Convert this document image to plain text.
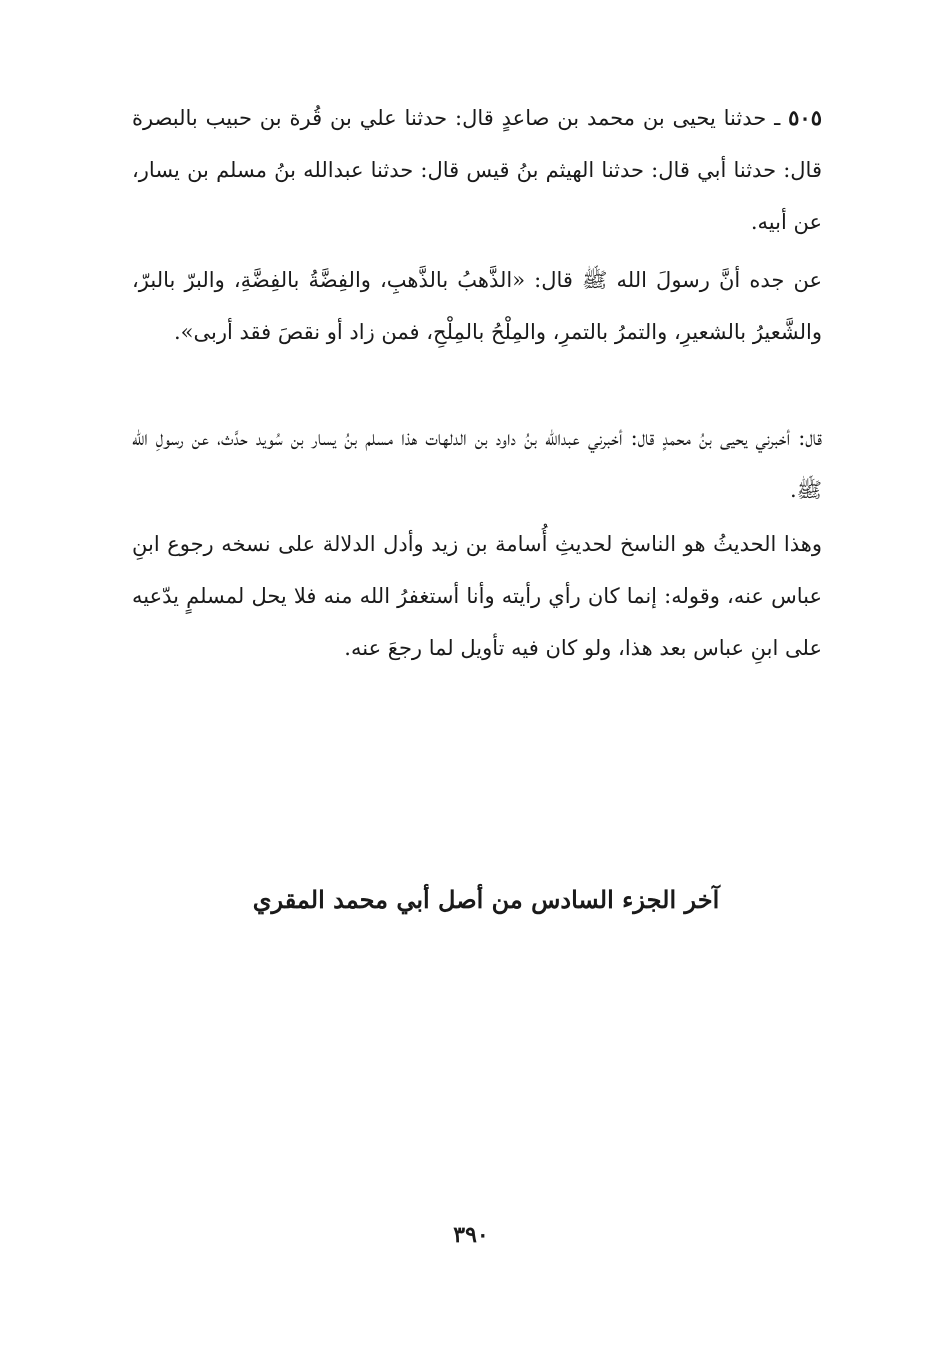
٥٠٥ ـ حدثنا يحيى بن محمد بن صاعدٍ قال: حدثنا علي بن قُرة بن حبيب بالبصرة قال: حدثنا أبي قال: حدثنا الهيثم بنُ قيس قال: حدثنا عبدالله بنُ مسلم بن يسار، عن أبيه.

عن جده أنَّ رسولَ الله ﷺ قال: «الذَّهبُ بالذَّهبِ، والفِضَّةُ بالفِضَّةِ، والبرّ بالبرّ، والشَّعيرُ بالشعيرِ، والتمرُ بالتمرِ، والمِلْحُ بالمِلْحِ، فمن زاد أو نقصَ فقد أربى».

قال: أخبرني يحيى بنُ محمدٍ قال: أخبرني عبدالله بنُ داود بن الدلهات هذا مسلم بنُ يسار بن سُويد حدَّث، عن رسولِ الله ﷺ.

وهذا الحديثُ هو الناسخ لحديثِ أُسامة بن زيد وأدل الدلالة على نسخه رجوع ابنِ عباس عنه، وقوله: إنما كان رأي رأيته وأنا أستغفرُ الله منه فلا يحل لمسلمٍ يدّعيه على ابنِ عباس بعد هذا، ولو كان فيه تأويل لما رجعَ عنه.

آخر الجزء السادس من أصل أبي محمد المقري
٣٩٠
